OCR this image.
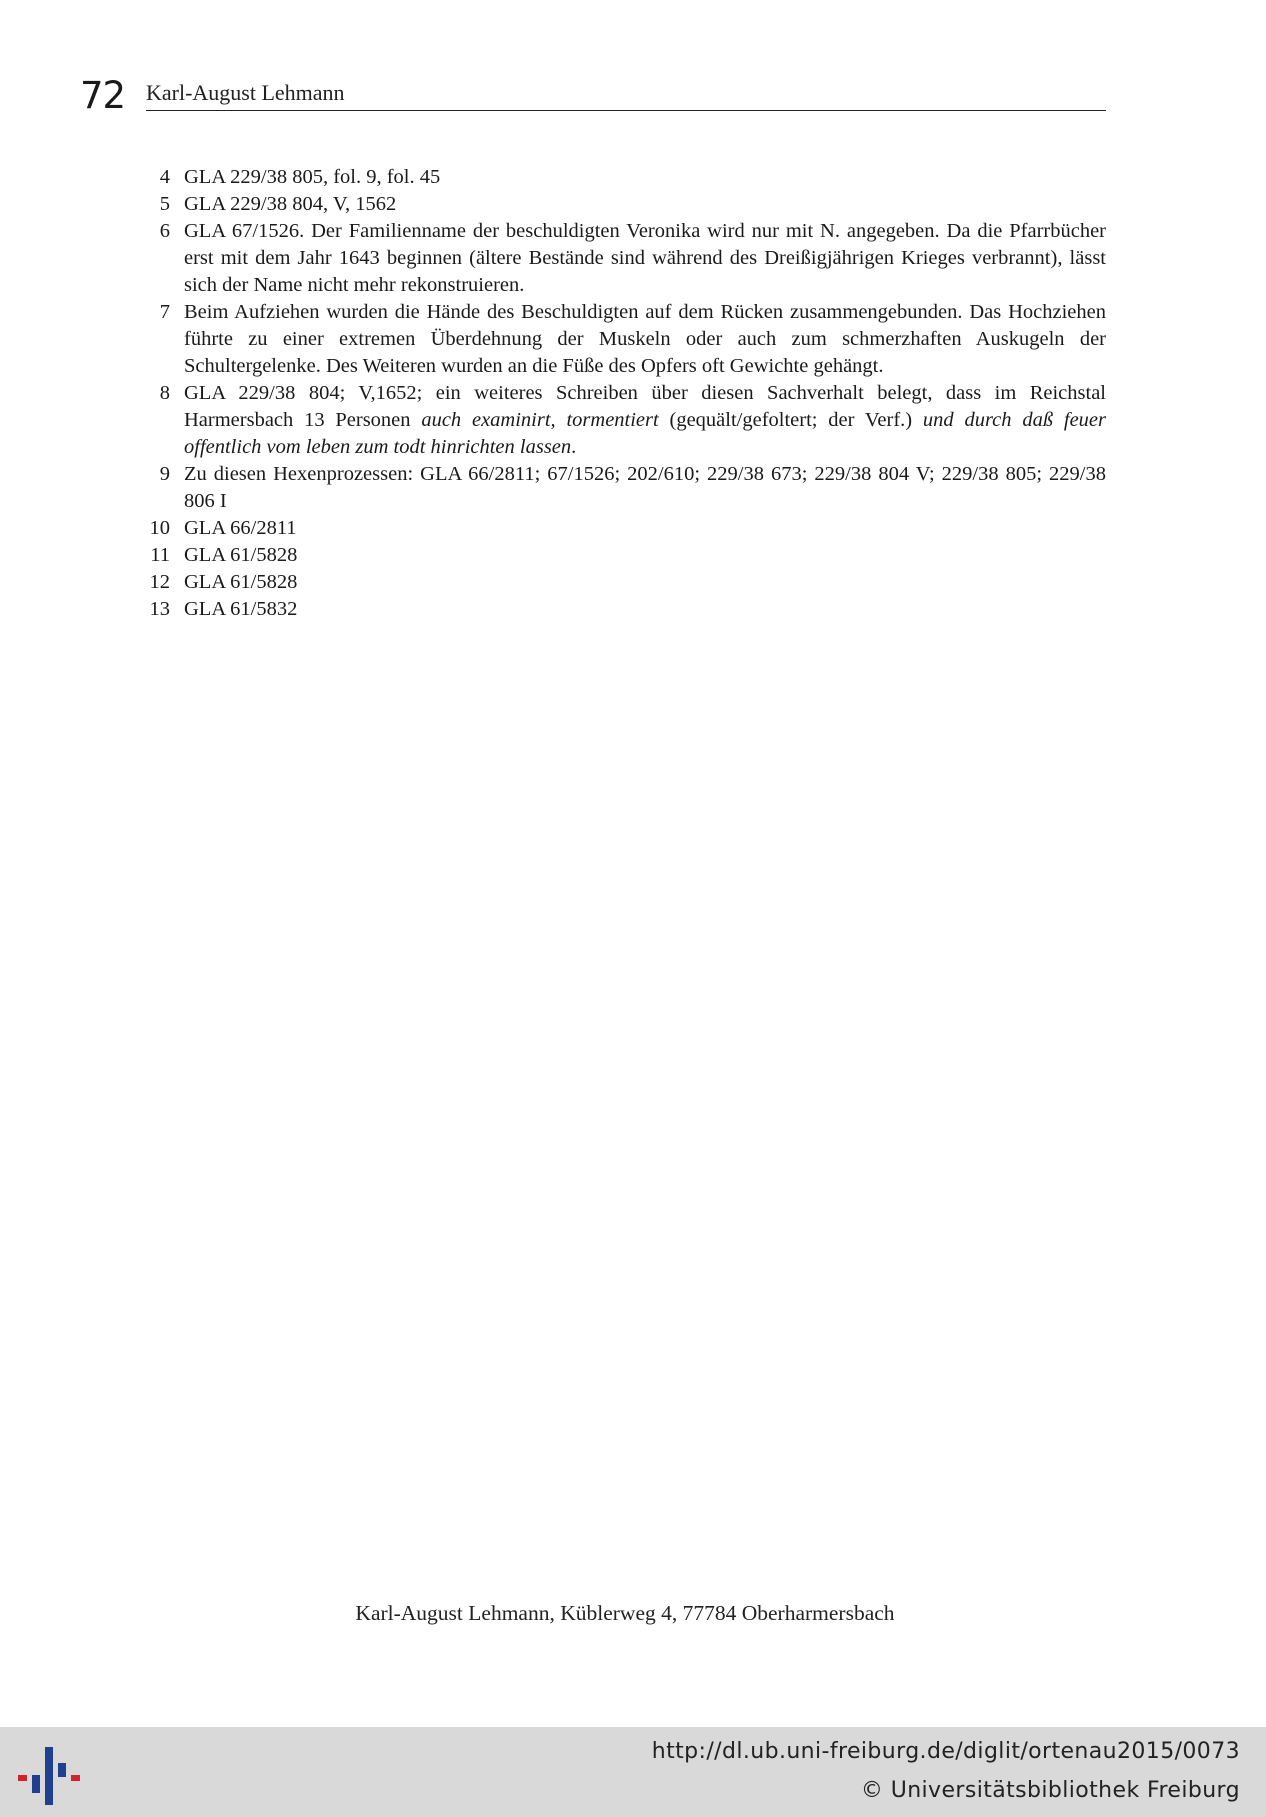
72 Karl-August Lehmann
4 GLA 229/38 805, fol. 9, fol. 45
5 GLA 229/38 804, V, 1562
6 GLA 67/1526. Der Familienname der beschuldigten Veronika wird nur mit N. angegeben. Da die Pfarrbücher erst mit dem Jahr 1643 beginnen (ältere Bestände sind während des Dreißigjährigen Krieges verbrannt), lässt sich der Name nicht mehr rekonstruieren.
7 Beim Aufziehen wurden die Hände des Beschuldigten auf dem Rücken zusammengebunden. Das Hochziehen führte zu einer extremen Überdehnung der Muskeln oder auch zum schmerzhaften Auskugeln der Schultergelenke. Des Weiteren wurden an die Füße des Opfers oft Gewichte gehängt.
8 GLA 229/38 804; V,1652; ein weiteres Schreiben über diesen Sachverhalt belegt, dass im Reichstal Harmersbach 13 Personen auch examinirt, tormentiert (gequält/gefoltert; der Verf.) und durch daß feuer offentlich vom leben zum todt hinrichten lassen.
9 Zu diesen Hexenprozessen: GLA 66/2811; 67/1526; 202/610; 229/38 673; 229/38 804 V; 229/38 805; 229/38 806 I
10 GLA 66/2811
11 GLA 61/5828
12 GLA 61/5828
13 GLA 61/5832
Karl-August Lehmann, Küblerweg 4, 77784 Oberharmersbach
http://dl.ub.uni-freiburg.de/diglit/ortenau2015/0073
© Universitätsbibliothek Freiburg
